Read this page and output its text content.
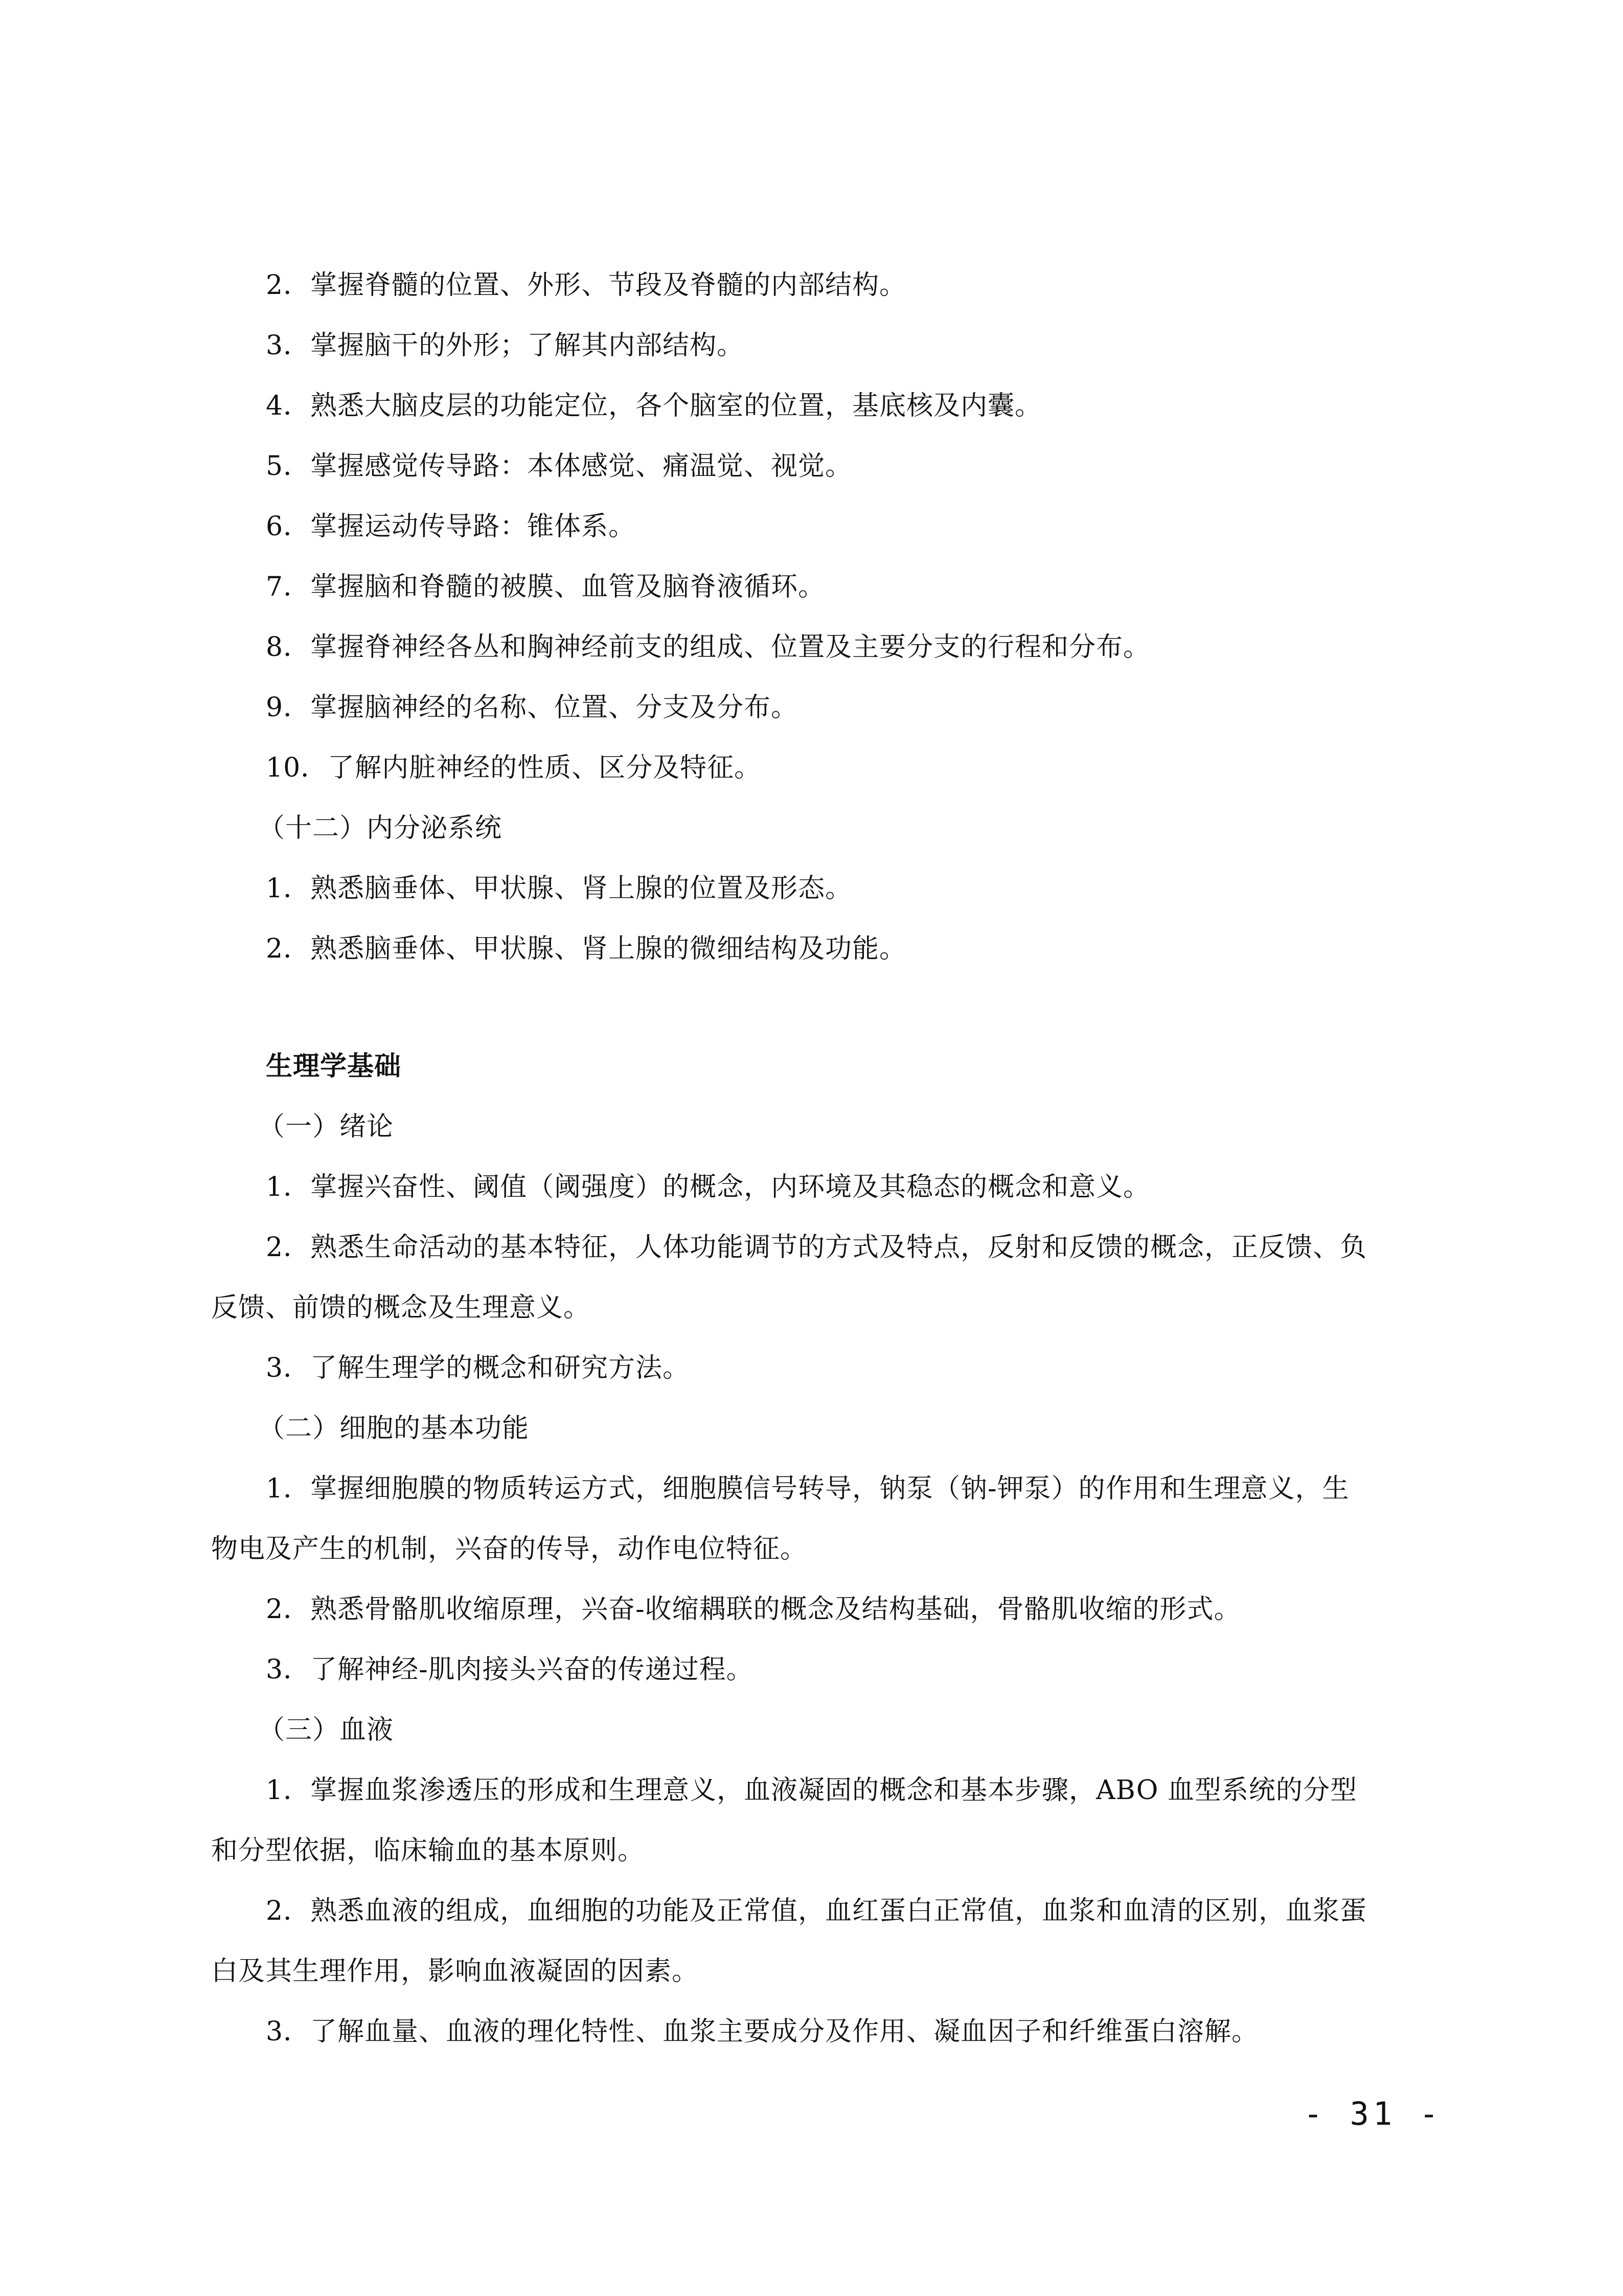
2．掌握脊髓的位置、外形、节段及脊髓的内部结构。
3．掌握脑干的外形；了解其内部结构。
4．熟悉大脑皮层的功能定位，各个脑室的位置，基底核及内囊。
5．掌握感觉传导路：本体感觉、痛温觉、视觉。
6．掌握运动传导路：锥体系。
7．掌握脑和脊髓的被膜、血管及脑脊液循环。
8．掌握脊神经各丛和胸神经前支的组成、位置及主要分支的行程和分布。
9．掌握脑神经的名称、位置、分支及分布。
10．了解内脏神经的性质、区分及特征。
（十二）内分泌系统
1．熟悉脑垂体、甲状腺、肾上腺的位置及形态。
2．熟悉脑垂体、甲状腺、肾上腺的微细结构及功能。
生理学基础
（一）绪论
1．掌握兴奋性、阈值（阈强度）的概念，内环境及其稳态的概念和意义。
2．熟悉生命活动的基本特征，人体功能调节的方式及特点，反射和反馈的概念，正反馈、负
反馈、前馈的概念及生理意义。
3．了解生理学的概念和研究方法。
（二）细胞的基本功能
1．掌握细胞膜的物质转运方式，细胞膜信号转导，钠泵（钠-钾泵）的作用和生理意义，生
物电及产生的机制，兴奋的传导，动作电位特征。
2．熟悉骨骼肌收缩原理，兴奋-收缩耦联的概念及结构基础，骨骼肌收缩的形式。
3．了解神经-肌肉接头兴奋的传递过程。
（三）血液
1．掌握血浆渗透压的形成和生理意义，血液凝固的概念和基本步骤，ABO 血型系统的分型
和分型依据，临床输血的基本原则。
2．熟悉血液的组成，血细胞的功能及正常值，血红蛋白正常值，血浆和血清的区别，血浆蛋
白及其生理作用，影响血液凝固的因素。
3．了解血量、血液的理化特性、血浆主要成分及作用、凝血因子和纤维蛋白溶解。
- 31 -
